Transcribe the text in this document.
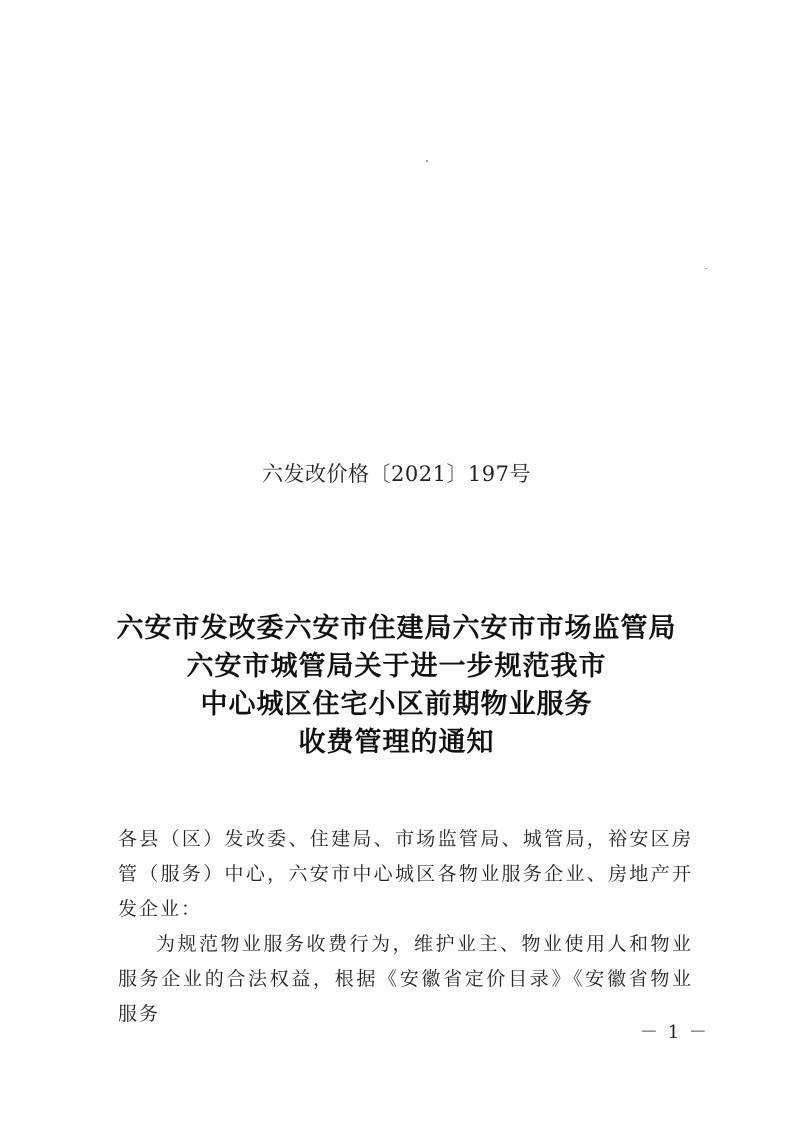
六发改价格〔2021〕197号
六安市发改委六安市住建局六安市市场监管局
六安市城管局关于进一步规范我市
中心城区住宅小区前期物业服务
收费管理的通知

各县（区）发改委、住建局、市场监管局、城管局，裕安区房管（服务）中心，六安市中心城区各物业服务企业、房地产开发企业：

为规范物业服务收费行为，维护业主、物业使用人和物业服务企业的合法权益，根据《安徽省定价目录》《安徽省物业服务

－ 1 －
